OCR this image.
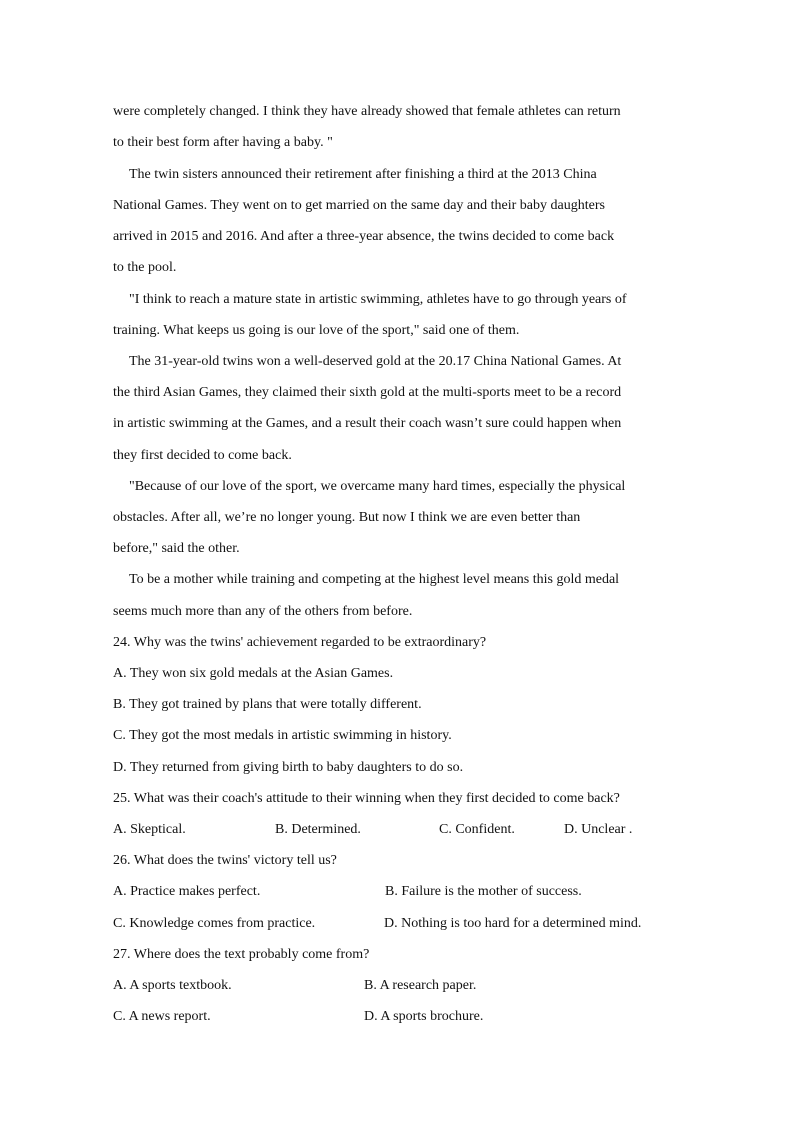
were completely changed. I think they have already showed that female athletes can return
to their best form after having a baby. "
The twin sisters announced their retirement after finishing a third at the 2013 China
National Games. They went on to get married on the same day and their baby daughters
arrived in 2015 and 2016. And after a three-year absence, the twins decided to come back
to the pool.
"I think to reach a mature state in artistic swimming, athletes have to go through years of
training. What keeps us going is our love of the sport," said one of them.
The 31-year-old twins won a well-deserved gold at the 20.17 China National Games. At
the third Asian Games, they claimed their sixth gold at the multi-sports meet to be a record
in artistic swimming at the Games, and a result their coach wasn’t sure could happen when
they first decided to come back.
"Because of our love of the sport, we overcame many hard times, especially the physical
obstacles. After all, we’re no longer young. But now I think we are even better than
before," said the other.
To be a mother while training and competing at the highest level means this gold medal
seems much more than any of the others from before.
24. Why was the twins' achievement regarded to be extraordinary?
A. They won six gold medals at the Asian Games.
B. They got trained by plans that were totally different.
C. They got the most medals in artistic swimming in history.
D. They returned from giving birth to baby daughters to do so.
25. What was their coach's attitude to their winning when they first decided to come back?
A. Skeptical.	B. Determined.	C. Confident.	D. Unclear .
26. What does the twins' victory tell us?
A. Practice makes perfect.	B. Failure is the mother of success.
C. Knowledge comes from practice.	D. Nothing is too hard for a determined mind.
27. Where does the text probably come from?
A. A sports textbook.	B. A research paper.
C. A news report.	D. A sports brochure.
